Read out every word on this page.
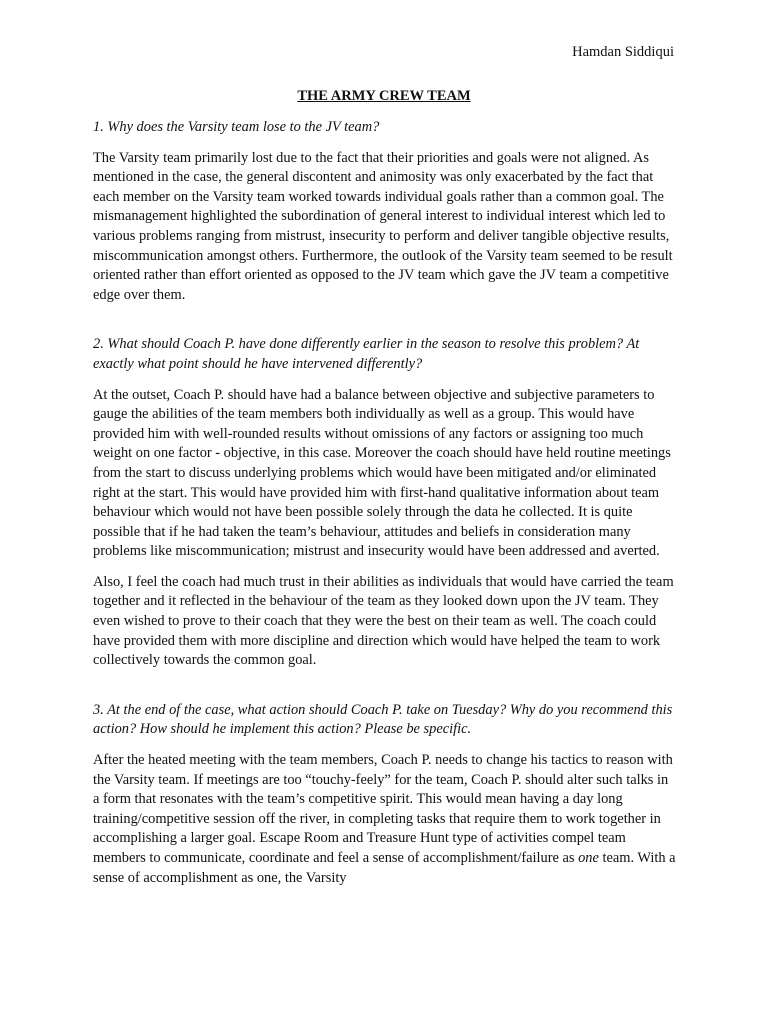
Hamdan Siddiqui

THE ARMY CREW TEAM

1. Why does the Varsity team lose to the JV team?

The Varsity team primarily lost due to the fact that their priorities and goals were not aligned. As mentioned in the case, the general discontent and animosity was only exacerbated by the fact that each member on the Varsity team worked towards individual goals rather than a common goal. The mismanagement highlighted the subordination of general interest to individual interest which led to various problems ranging from mistrust, insecurity to perform and deliver tangible objective results, miscommunication amongst others. Furthermore, the outlook of the Varsity team seemed to be result oriented rather than effort oriented as opposed to the JV team which gave the JV team a competitive edge over them.

2. What should Coach P. have done differently earlier in the season to resolve this problem? At exactly what point should he have intervened differently?

At the outset, Coach P. should have had a balance between objective and subjective parameters to gauge the abilities of the team members both individually as well as a group. This would have provided him with well-rounded results without omissions of any factors or assigning too much weight on one factor - objective, in this case. Moreover the coach should have held routine meetings from the start to discuss underlying problems which would have been mitigated and/or eliminated right at the start. This would have provided him with first-hand qualitative information about team behaviour which would not have been possible solely through the data he collected. It is quite possible that if he had taken the team’s behaviour, attitudes and beliefs in consideration many problems like miscommunication; mistrust and insecurity would have been addressed and averted.

Also, I feel the coach had much trust in their abilities as individuals that would have carried the team together and it reflected in the behaviour of the team as they looked down upon the JV team. They even wished to prove to their coach that they were the best on their team as well. The coach could have provided them with more discipline and direction which would have helped the team to work collectively towards the common goal.

3. At the end of the case, what action should Coach P. take on Tuesday? Why do you recommend this action? How should he implement this action? Please be specific.

After the heated meeting with the team members, Coach P. needs to change his tactics to reason with the Varsity team. If meetings are too “touchy-feely” for the team, Coach P. should alter such talks in a form that resonates with the team’s competitive spirit. This would mean having a day long training/competitive session off the river, in completing tasks that require them to work together in accomplishing a larger goal. Escape Room and Treasure Hunt type of activities compel team members to communicate, coordinate and feel a sense of accomplishment/failure as one team. With a sense of accomplishment as one, the Varsity
